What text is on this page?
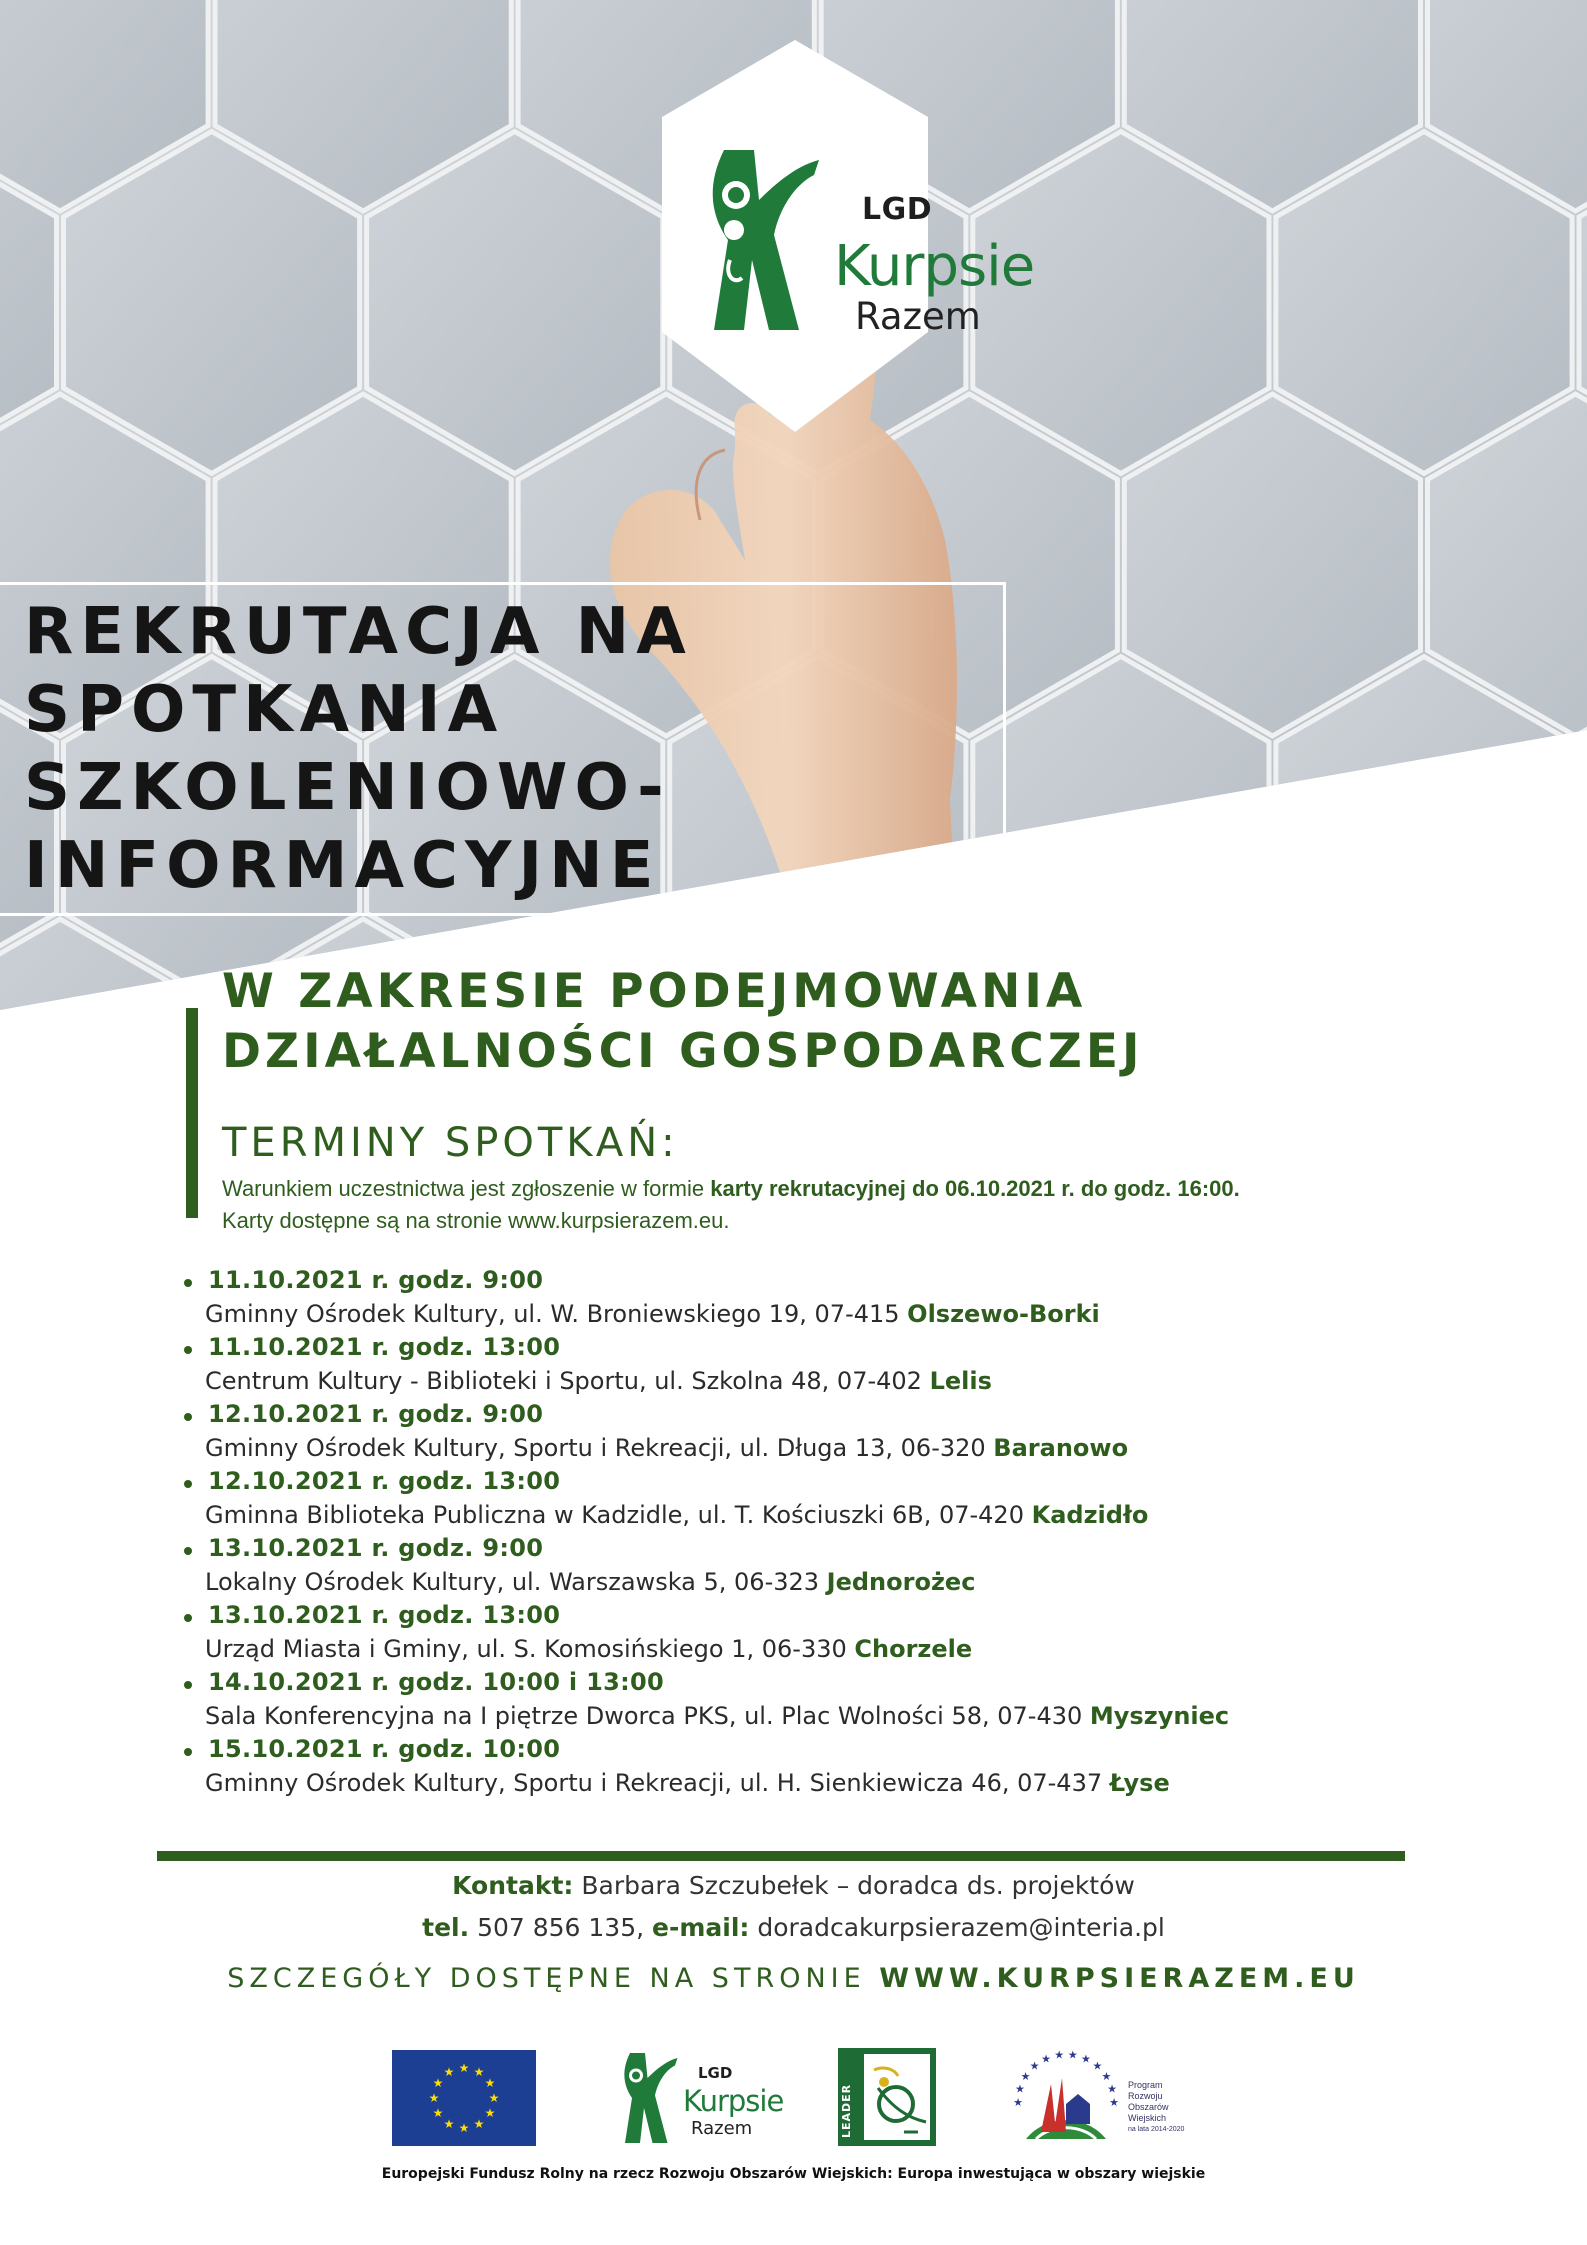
LGD
Kurpsie
Razem
REKRUTACJA NA
SPOTKANIA
SZKOLENIOWO-
INFORMACYJNE
W ZAKRESIE PODEJMOWANIA
DZIAŁALNOŚCI GOSPODARCZEJ
TERMINY SPOTKAŃ:
Warunkiem uczestnictwa jest zgłoszenie w formie karty rekrutacyjnej do 06.10.2021 r. do godz. 16:00.
Karty dostępne są na stronie www.kurpsierazem.eu.
11.10.2021 r. godz. 9:00
Gminny Ośrodek Kultury, ul. W. Broniewskiego 19, 07-415 Olszewo-Borki
11.10.2021 r. godz. 13:00
Centrum Kultury - Biblioteki i Sportu, ul. Szkolna 48, 07-402 Lelis
12.10.2021 r. godz. 9:00
Gminny Ośrodek Kultury, Sportu i Rekreacji, ul. Długa 13, 06-320 Baranowo
12.10.2021 r. godz. 13:00
Gminna Biblioteka Publiczna w Kadzidle, ul. T. Kościuszki 6B, 07-420 Kadzidło
13.10.2021 r. godz. 9:00
Lokalny Ośrodek Kultury, ul. Warszawska 5, 06-323 Jednorożec
13.10.2021 r. godz. 13:00
Urząd Miasta i Gminy, ul. S. Komosińskiego 1, 06-330 Chorzele
14.10.2021 r. godz. 10:00 i 13:00
Sala Konferencyjna na I piętrze Dworca PKS, ul. Plac Wolności 58, 07-430 Myszyniec
15.10.2021 r. godz. 10:00
Gminny Ośrodek Kultury, Sportu i Rekreacji, ul. H. Sienkiewicza 46, 07-437 Łyse
Kontakt: Barbara Szczubełek – doradca ds. projektów
tel. 507 856 135, e-mail: doradcakurpsierazem@interia.pl
SZCZEGÓŁY DOSTĘPNE NA STRONIE WWW.KURPSIERAZEM.EU
★
★
★
★
★
★
★
★
★ ★ ★
★
LGD
Kurpsie
Razem	LEADER	★
★
★
★
★ ★ ★ ★
★
★
★
★
Program
Rozwoju
Obszarów
Wiejskich
na lata 2014-2020
Europejski Fundusz Rolny na rzecz Rozwoju Obszarów Wiejskich: Europa inwestująca w obszary wiejskie
